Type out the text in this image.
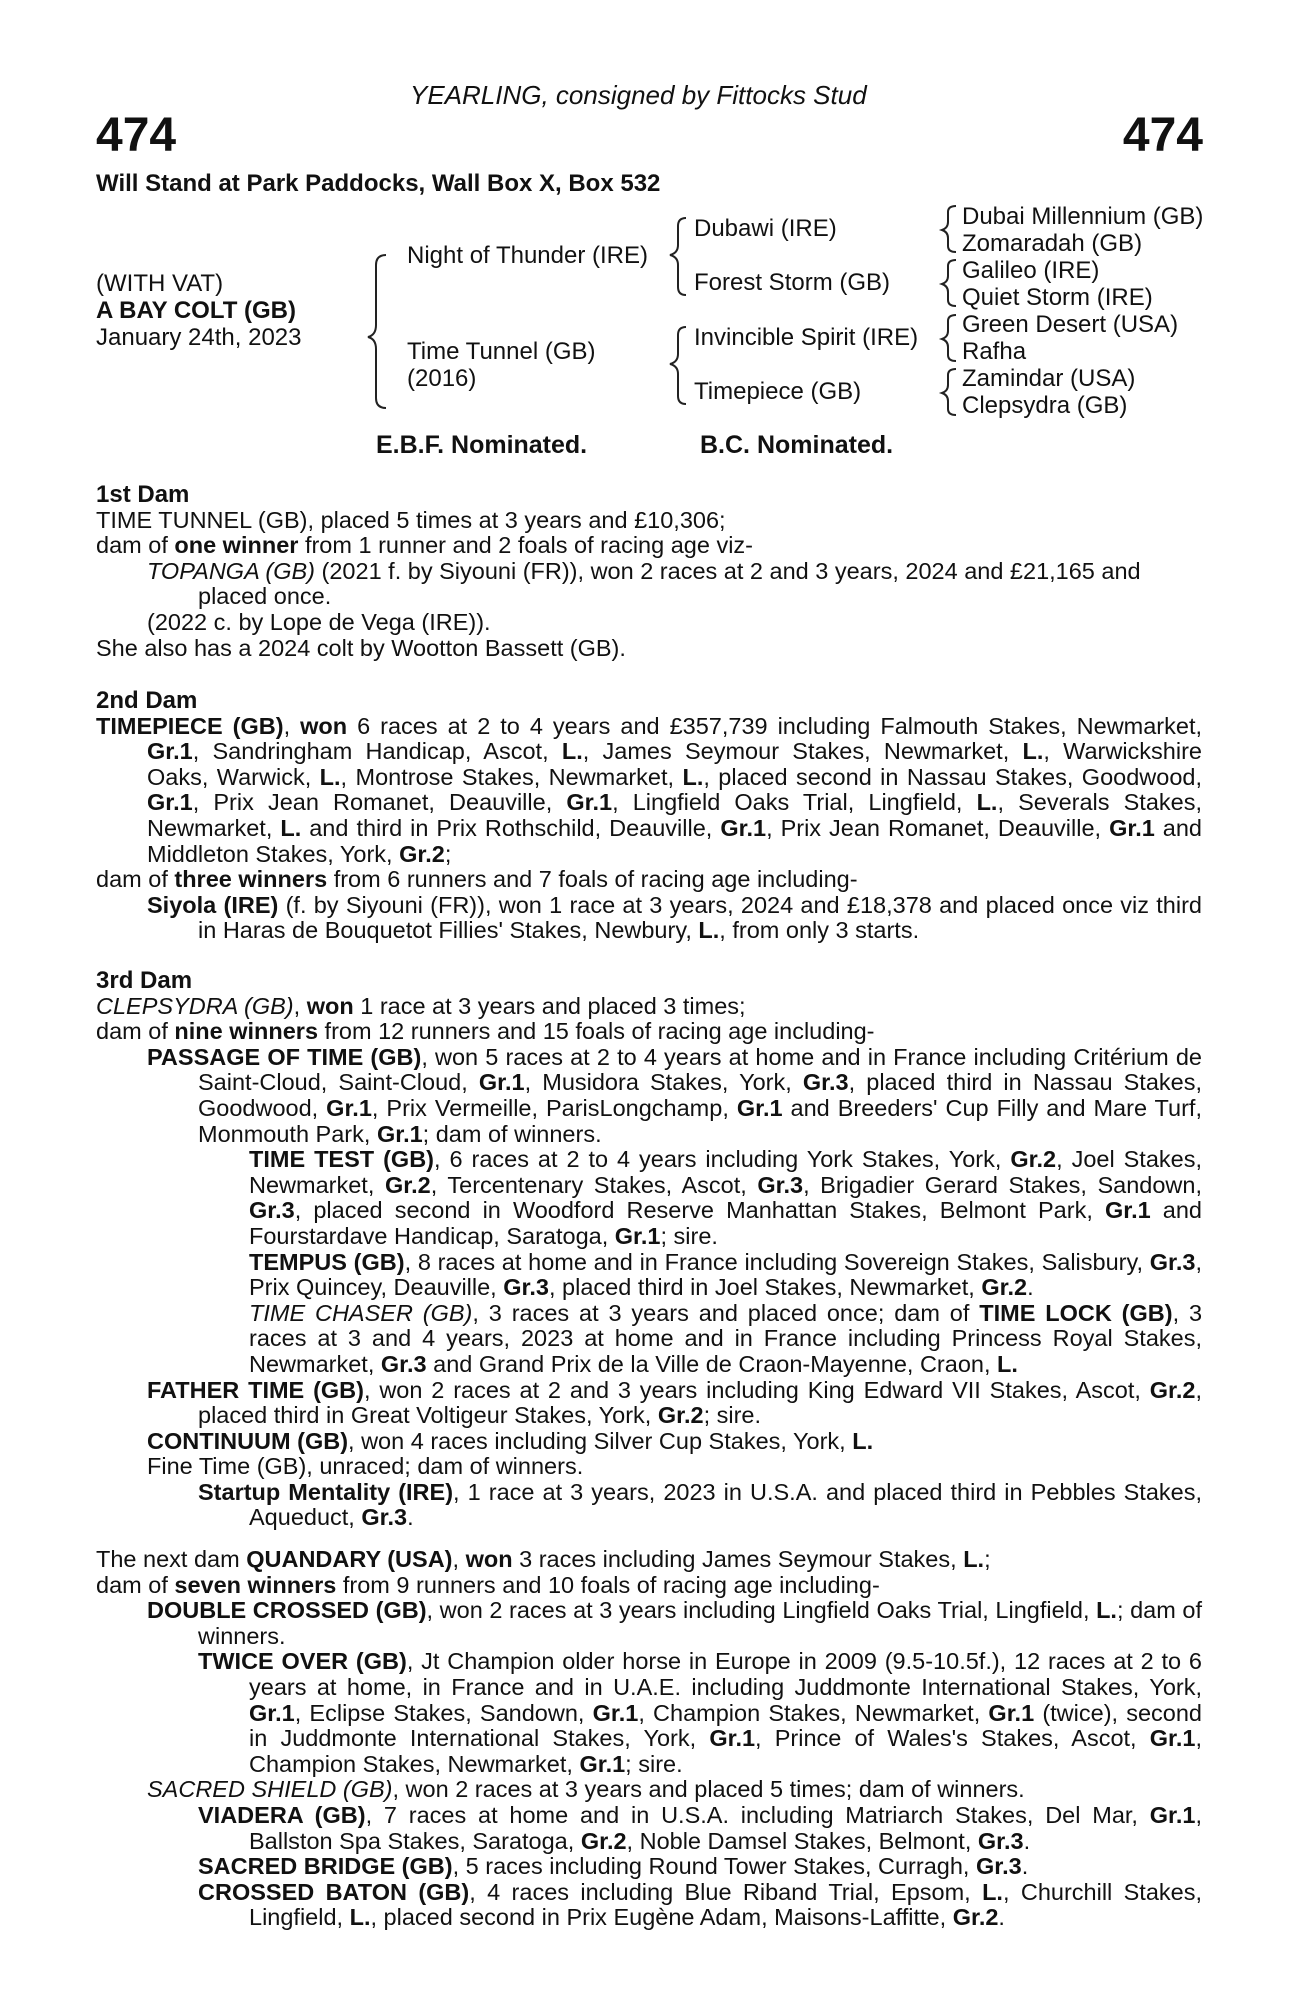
YEARLING, consigned by Fittocks Stud
474	474
Will Stand at Park Paddocks, Wall Box X, Box 532
(WITH VAT)
A BAY COLT (GB)
January 24th, 2023
Night of Thunder (IRE)
Time Tunnel (GB)
(2016)
Dubawi (IRE)
Forest Storm (GB)
Invincible Spirit (IRE)
Timepiece (GB)
Dubai Millennium (GB)
Zomaradah (GB)
Galileo (IRE)
Quiet Storm (IRE)
Green Desert (USA)
Rafha
Zamindar (USA)
Clepsydra (GB)
E.B.F. Nominated.	B.C. Nominated.

1st Dam

TIME TUNNEL (GB), placed 5 times at 3 years and £10,306;

dam of one winner from 1 runner and 2 foals of racing age viz-

TOPANGA (GB) (2021 f. by Siyouni (FR)), won 2 races at 2 and 3 years, 2024 and £21,165 and placed once.

(2022 c. by Lope de Vega (IRE)).

She also has a 2024 colt by Wootton Bassett (GB).

2nd Dam

TIMEPIECE (GB), won 6 races at 2 to 4 years and £357,739 including Falmouth Stakes, Newmarket, Gr.1, Sandringham Handicap, Ascot, L., James Seymour Stakes, Newmarket, L., Warwickshire Oaks, Warwick, L., Montrose Stakes, Newmarket, L., placed second in Nassau Stakes, Goodwood, Gr.1, Prix Jean Romanet, Deauville, Gr.1, Lingfield Oaks Trial, Lingfield, L., Severals Stakes, Newmarket, L. and third in Prix Rothschild, Deauville, Gr.1, Prix Jean Romanet, Deauville, Gr.1 and Middleton Stakes, York, Gr.2;

dam of three winners from 6 runners and 7 foals of racing age including-

Siyola (IRE) (f. by Siyouni (FR)), won 1 race at 3 years, 2024 and £18,378 and placed once viz third in Haras de Bouquetot Fillies' Stakes, Newbury, L., from only 3 starts.

3rd Dam

CLEPSYDRA (GB), won 1 race at 3 years and placed 3 times;

dam of nine winners from 12 runners and 15 foals of racing age including-

PASSAGE OF TIME (GB), won 5 races at 2 to 4 years at home and in France including Critérium de Saint-Cloud, Saint-Cloud, Gr.1, Musidora Stakes, York, Gr.3, placed third in Nassau Stakes, Goodwood, Gr.1, Prix Vermeille, ParisLongchamp, Gr.1 and Breeders' Cup Filly and Mare Turf, Monmouth Park, Gr.1; dam of winners.

TIME TEST (GB), 6 races at 2 to 4 years including York Stakes, York, Gr.2, Joel Stakes, Newmarket, Gr.2, Tercentenary Stakes, Ascot, Gr.3, Brigadier Gerard Stakes, Sandown, Gr.3, placed second in Woodford Reserve Manhattan Stakes, Belmont Park, Gr.1 and Fourstardave Handicap, Saratoga, Gr.1; sire.

TEMPUS (GB), 8 races at home and in France including Sovereign Stakes, Salisbury, Gr.3, Prix Quincey, Deauville, Gr.3, placed third in Joel Stakes, Newmarket, Gr.2.

TIME CHASER (GB), 3 races at 3 years and placed once; dam of TIME LOCK (GB), 3 races at 3 and 4 years, 2023 at home and in France including Princess Royal Stakes, Newmarket, Gr.3 and Grand Prix de la Ville de Craon-Mayenne, Craon, L.

FATHER TIME (GB), won 2 races at 2 and 3 years including King Edward VII Stakes, Ascot, Gr.2, placed third in Great Voltigeur Stakes, York, Gr.2; sire.

CONTINUUM (GB), won 4 races including Silver Cup Stakes, York, L.

Fine Time (GB), unraced; dam of winners.

Startup Mentality (IRE), 1 race at 3 years, 2023 in U.S.A. and placed third in Pebbles Stakes, Aqueduct, Gr.3.

The next dam QUANDARY (USA), won 3 races including James Seymour Stakes, L.;

dam of seven winners from 9 runners and 10 foals of racing age including-

DOUBLE CROSSED (GB), won 2 races at 3 years including Lingfield Oaks Trial, Lingfield, L.; dam of winners.

TWICE OVER (GB), Jt Champion older horse in Europe in 2009 (9.5-10.5f.), 12 races at 2 to 6 years at home, in France and in U.A.E. including Juddmonte International Stakes, York, Gr.1, Eclipse Stakes, Sandown, Gr.1, Champion Stakes, Newmarket, Gr.1 (twice), second in Juddmonte International Stakes, York, Gr.1, Prince of Wales's Stakes, Ascot, Gr.1, Champion Stakes, Newmarket, Gr.1; sire.

SACRED SHIELD (GB), won 2 races at 3 years and placed 5 times; dam of winners.

VIADERA (GB), 7 races at home and in U.S.A. including Matriarch Stakes, Del Mar, Gr.1, Ballston Spa Stakes, Saratoga, Gr.2, Noble Damsel Stakes, Belmont, Gr.3.

SACRED BRIDGE (GB), 5 races including Round Tower Stakes, Curragh, Gr.3.

CROSSED BATON (GB), 4 races including Blue Riband Trial, Epsom, L., Churchill Stakes, Lingfield, L., placed second in Prix Eugène Adam, Maisons-Laffitte, Gr.2.
